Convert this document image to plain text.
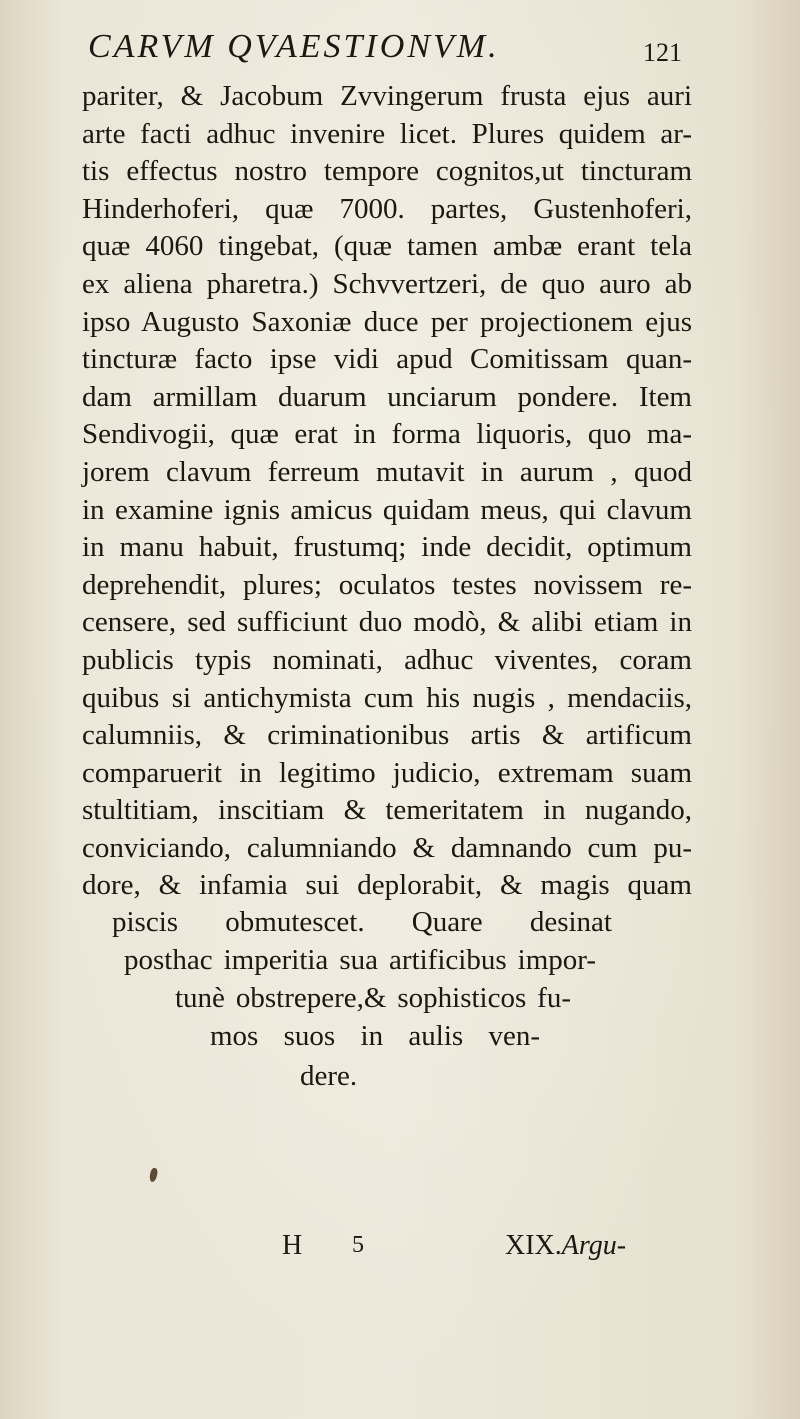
CARVM QVAESTIONVM.	121
pariter, & Jacobum Zvvingerum frusta ejus auri
arte facti adhuc invenire licet. Plures quidem ar-
tis effectus nostro tempore cognitos,ut tincturam
Hinderhoferi, quæ 7000. partes, Gustenhoferi,
quæ 4060 tingebat, (quæ tamen ambæ erant tela
ex aliena pharetra.) Schvvertzeri, de quo auro ab
ipso Augusto Saxoniæ duce per projectionem ejus
tincturæ facto ipse vidi apud Comitissam quan-
dam armillam duarum unciarum pondere. Item
Sendivogii, quæ erat in forma liquoris, quo ma-
jorem clavum ferreum mutavit in aurum , quod
in examine ignis amicus quidam meus, qui clavum
in manu habuit, frustumq; inde decidit, optimum
deprehendit, plures; oculatos testes novissem re-
censere, sed sufficiunt duo modò, & alibi etiam in
publicis typis nominati, adhuc viventes, coram
quibus si antichymista cum his nugis , mendaciis,
calumniis, & criminationibus artis & artificum
comparuerit in legitimo judicio, extremam suam
stultitiam, inscitiam & temeritatem in nugando,
conviciando, calumniando & damnando cum pu-
dore, & infamia sui deplorabit, & magis quam
piscis obmutescet. Quare desinat
posthac imperitia sua artificibus impor-
tunè obstrepere,& sophisticos fu-
mos suos in aulis ven-
dere.
H 5	XIX.Argu-
